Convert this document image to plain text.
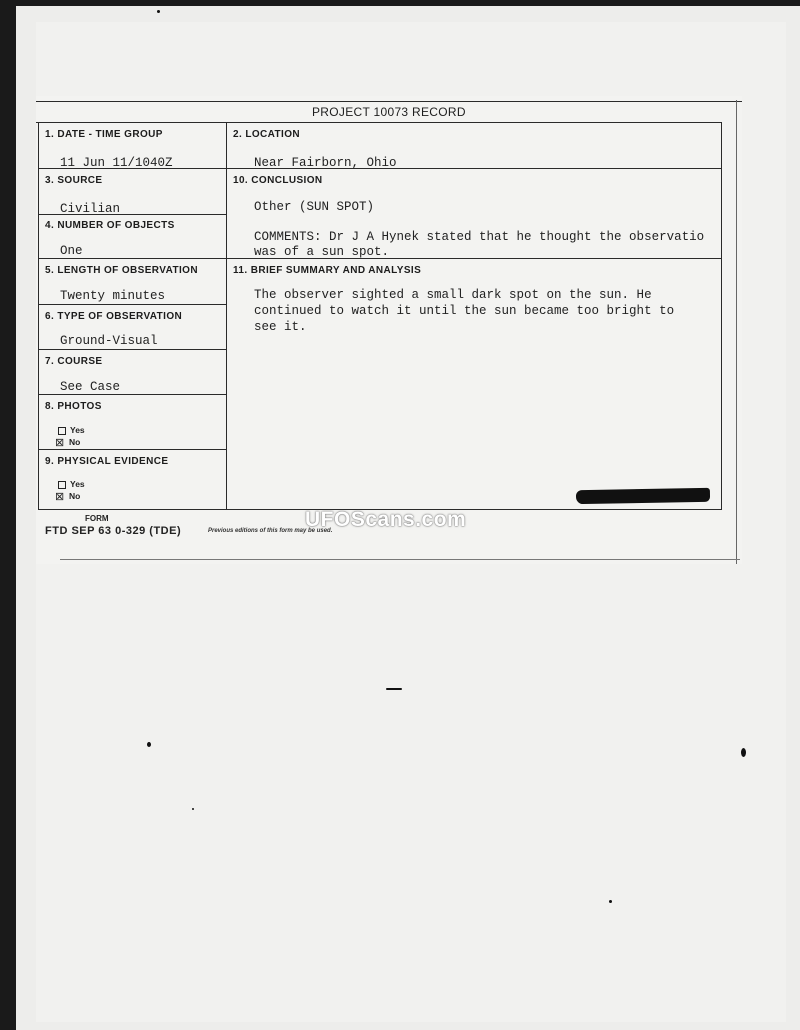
PROJECT 10073 RECORD
1. DATE - TIME GROUP
11 Jun 11/1040Z
2. LOCATION
Near Fairborn, Ohio
3. SOURCE
Civilian
4. NUMBER OF OBJECTS
One
5. LENGTH OF OBSERVATION
Twenty minutes
6. TYPE OF OBSERVATION
Ground-Visual
7. COURSE
See Case
8. PHOTOS
Yes
⊠ No
9. PHYSICAL EVIDENCE
Yes
⊠ No
10. CONCLUSION
Other (SUN SPOT)
COMMENTS: Dr J A Hynek stated that he thought the observatio
was of a sun spot.
11. BRIEF SUMMARY AND ANALYSIS
The observer sighted a small dark spot on the sun. He
continued to watch it until the sun became too bright to
see it.
FORM
FTD SEP 63 0-329 (TDE)	Previous editions of this form may be used.
UFOScans.com
